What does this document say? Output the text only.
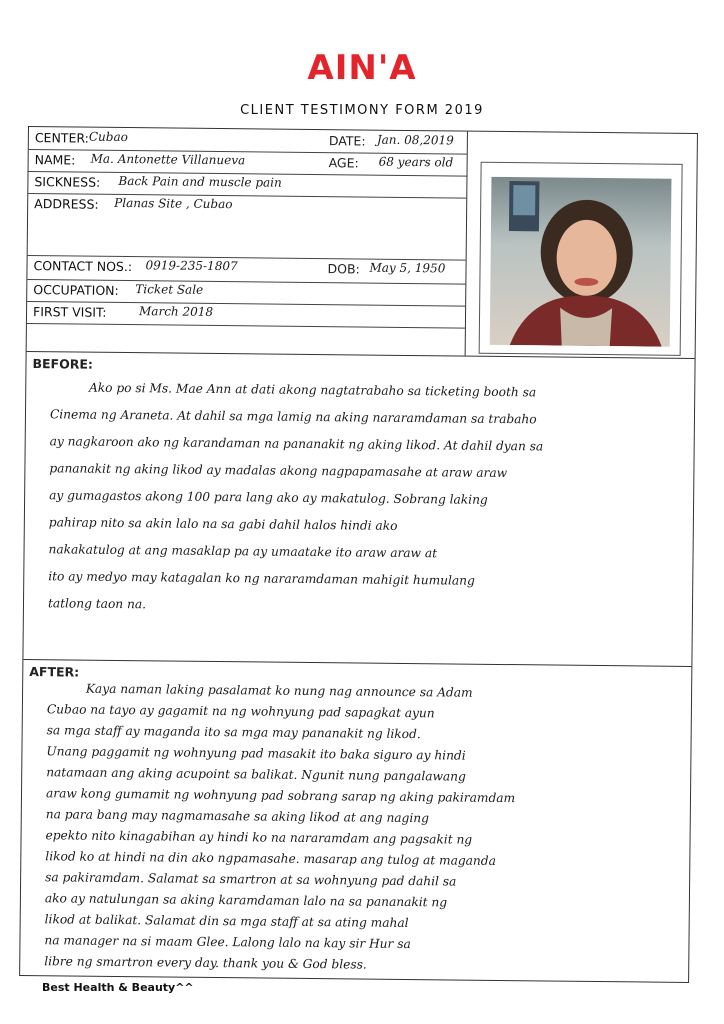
AIN'A
CLIENT TESTIMONY FORM 2019
CENTER: Cubao	DATE: Jan. 08,2019
NAME: Ma. Antonette Villanueva	AGE: 68 years old
SICKNESS: Back Pain and muscle pain
ADDRESS: Planas Site , Cubao
CONTACT NOS.: 0919-235-1807	DOB: May 5, 1950
OCCUPATION: Ticket Sale
FIRST VISIT:	March 2018
BEFORE:
Ako po si Ms. Mae Ann at dati akong nagtatrabaho sa ticketing booth sa
Cinema ng Araneta. At dahil sa mga lamig na aking nararamdaman sa trabaho
ay nagkaroon ako ng karandaman na pananakit ng aking likod. At dahil dyan sa
pananakit ng aking likod ay madalas akong nagpapamasahe at araw araw
ay gumagastos akong 100 para lang ako ay makatulog. Sobrang laking
pahirap nito sa akin lalo na sa gabi dahil halos hindi ako
nakakatulog at ang masaklap pa ay umaatake ito araw araw at
ito ay medyo may katagalan ko ng nararamdaman mahigit humulang
tatlong taon na.
AFTER:
Kaya naman laking pasalamat ko nung nag announce sa Adam
Cubao na tayo ay gagamit na ng wohnyung pad sapagkat ayun
sa mga staff ay maganda ito sa mga may pananakit ng likod.
Unang paggamit ng wohnyung pad masakit ito baka siguro ay hindi
natamaan ang aking acupoint sa balikat. Ngunit nung pangalawang
araw kong gumamit ng wohnyung pad sobrang sarap ng aking pakiramdam
na para bang may nagmamasahe sa aking likod at ang naging
epekto nito kinagabihan ay hindi ko na nararamdam ang pagsakit ng
likod ko at hindi na din ako ngpamasahe. masarap ang tulog at maganda
sa pakiramdam. Salamat sa smartron at sa wohnyung pad dahil sa
ako ay natulungan sa aking karamdaman lalo na sa pananakit ng
likod at balikat. Salamat din sa mga staff at sa ating mahal
na manager na si maam Glee. Lalong lalo na kay sir Hur sa
libre ng smartron every day. thank you & God bless.
Best Health & Beauty^^
